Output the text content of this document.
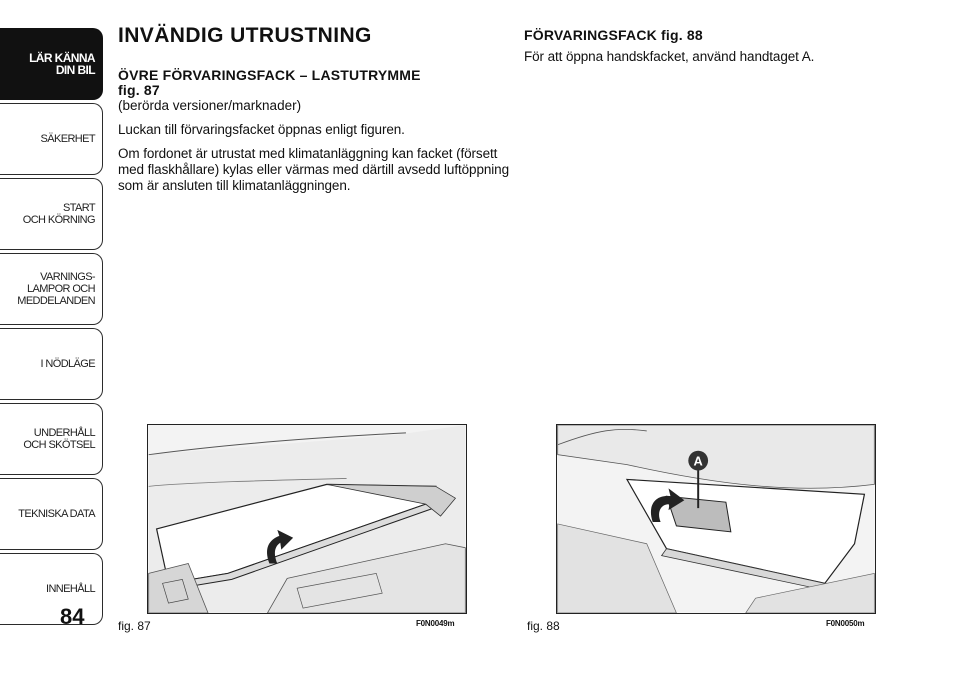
LÄR KÄNNA
DIN BIL
SÄKERHET
START
OCH KÖRNING
VARNINGS-
LAMPOR OCH
MEDDELANDEN
I NÖDLÄGE
UNDERHÅLL
OCH SKÖTSEL
TEKNISKA DATA
INNEHÅLL
84
INVÄNDIG UTRUSTNING
ÖVRE FÖRVARINGSFACK – LASTUTRYMME
fig. 87

(berörda versioner/marknader)

Luckan till förvaringsfacket öppnas enligt figuren.

Om fordonet är utrustat med klimatanläggning kan facket (försett med flaskhållare) kylas eller värmas med därtill avsedd luftöppning som är ansluten till klimatanläggningen.

FÖRVARINGSFACK fig. 88

För att öppna handskfacket, använd handtaget A.

fig. 87	F0N0049m
A
fig. 88	F0N0050m
